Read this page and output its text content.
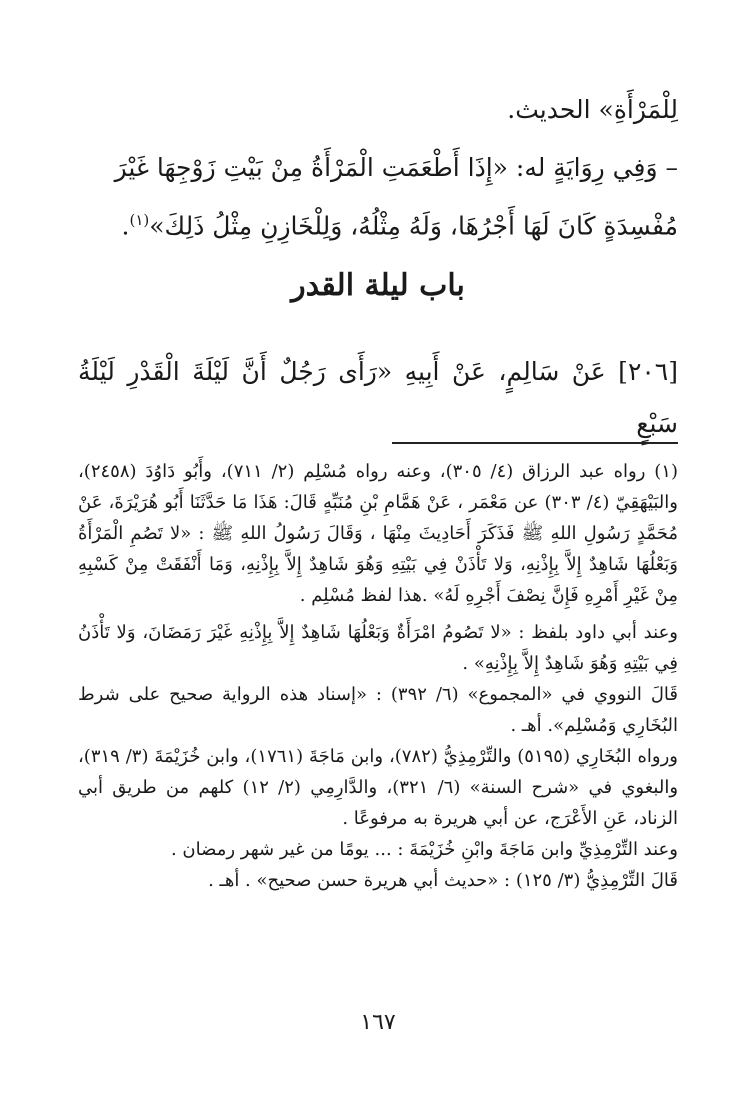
لِلْمَرْأَةِ» الحديث.

– وَفِي رِوَايَةٍ له: «إِذَا أَطْعَمَتِ الْمَرْأَةُ مِنْ بَيْتِ زَوْجِهَا غَيْرَ

مُفْسِدَةٍ كَانَ لَهَا أَجْرُهَا، وَلَهُ مِثْلُهُ، وَلِلْخَازِنِ مِثْلُ ذَلِكَ»$^{(١)}$.

باب ليلة القدر

[٢٠٦] عَنْ سَالِمٍ، عَنْ أَبِيهِ «رَأَى رَجُلٌ أَنَّ لَيْلَةَ الْقَدْرِ لَيْلَةُ سَبْعٍ

(١) رواه عبد الرزاق (٤/ ٣٠٥)، وعنه رواه مُسْلِم (٢/ ٧١١)، وأَبُو دَاوُدَ (٢٤٥٨)، والبَيْهَقِيّ (٤/ ٣٠٣) عن مَعْمَر ، عَنْ هَمَّامِ بْنِ مُنَبِّهٍ قَالَ: هَذَا مَا حَدَّثَنَا أَبُو هُرَيْرَةَ، عَنْ مُحَمَّدٍ رَسُولِ اللهِ ﷺ فَذَكَرَ أَحَادِيثَ مِنْهَا ، وَقَالَ رَسُولُ اللهِ ﷺ : «لا تَصُمِ الْمَرْأَةُ وَبَعْلُهَا شَاهِدٌ إِلاَّ بِإِذْنِهِ، وَلا تَأْذَنْ فِي بَيْتِهِ وَهُوَ شَاهِدٌ إِلاَّ بِإِذْنِهِ، وَمَا أَنْفَقَتْ مِنْ كَسْبِهِ مِنْ غَيْرِ أَمْرِهِ فَإِنَّ نِصْفَ أَجْرِهِ لَهُ» .هذا لفظ مُسْلِم .

وعند أبي داود بلفظ : «لا تَصُومُ امْرَأَةٌ وَبَعْلُهَا شَاهِدٌ إِلاَّ بِإِذْنِهِ غَيْرَ رَمَضَانَ، وَلا تَأْذَنُ فِي بَيْتِهِ وَهُوَ شَاهِدٌ إِلاَّ بِإِذْنِهِ» .

قَالَ النووي في «المجموع» (٦/ ٣٩٢) : «إسناد هذه الرواية صحيح على شرط البُخَارِي وَمُسْلِم». أهـ .

ورواه البُخَارِي (٥١٩٥) والتِّرْمِذِيُّ (٧٨٢)، وابن مَاجَةَ (١٧٦١)، وابن خُزَيْمَةَ (٣/ ٣١٩)، والبغوي في «شرح السنة» (٦/ ٣٢١)، والدَّارِمِي (٢/ ١٢) كلهم من طريق أبي الزناد، عَنِ الأَعْرَج، عن أبي هريرة به مرفوعًا .

وعند التِّرْمِذِيِّ وابن مَاجَةَ وابْنِ خُزَيْمَةَ : ... يومًا من غير شهر رمضان .

قَالَ التِّرْمِذِيُّ (٣/ ١٢٥) : «حديث أبي هريرة حسن صحيح» . أهـ .

١٦٧
